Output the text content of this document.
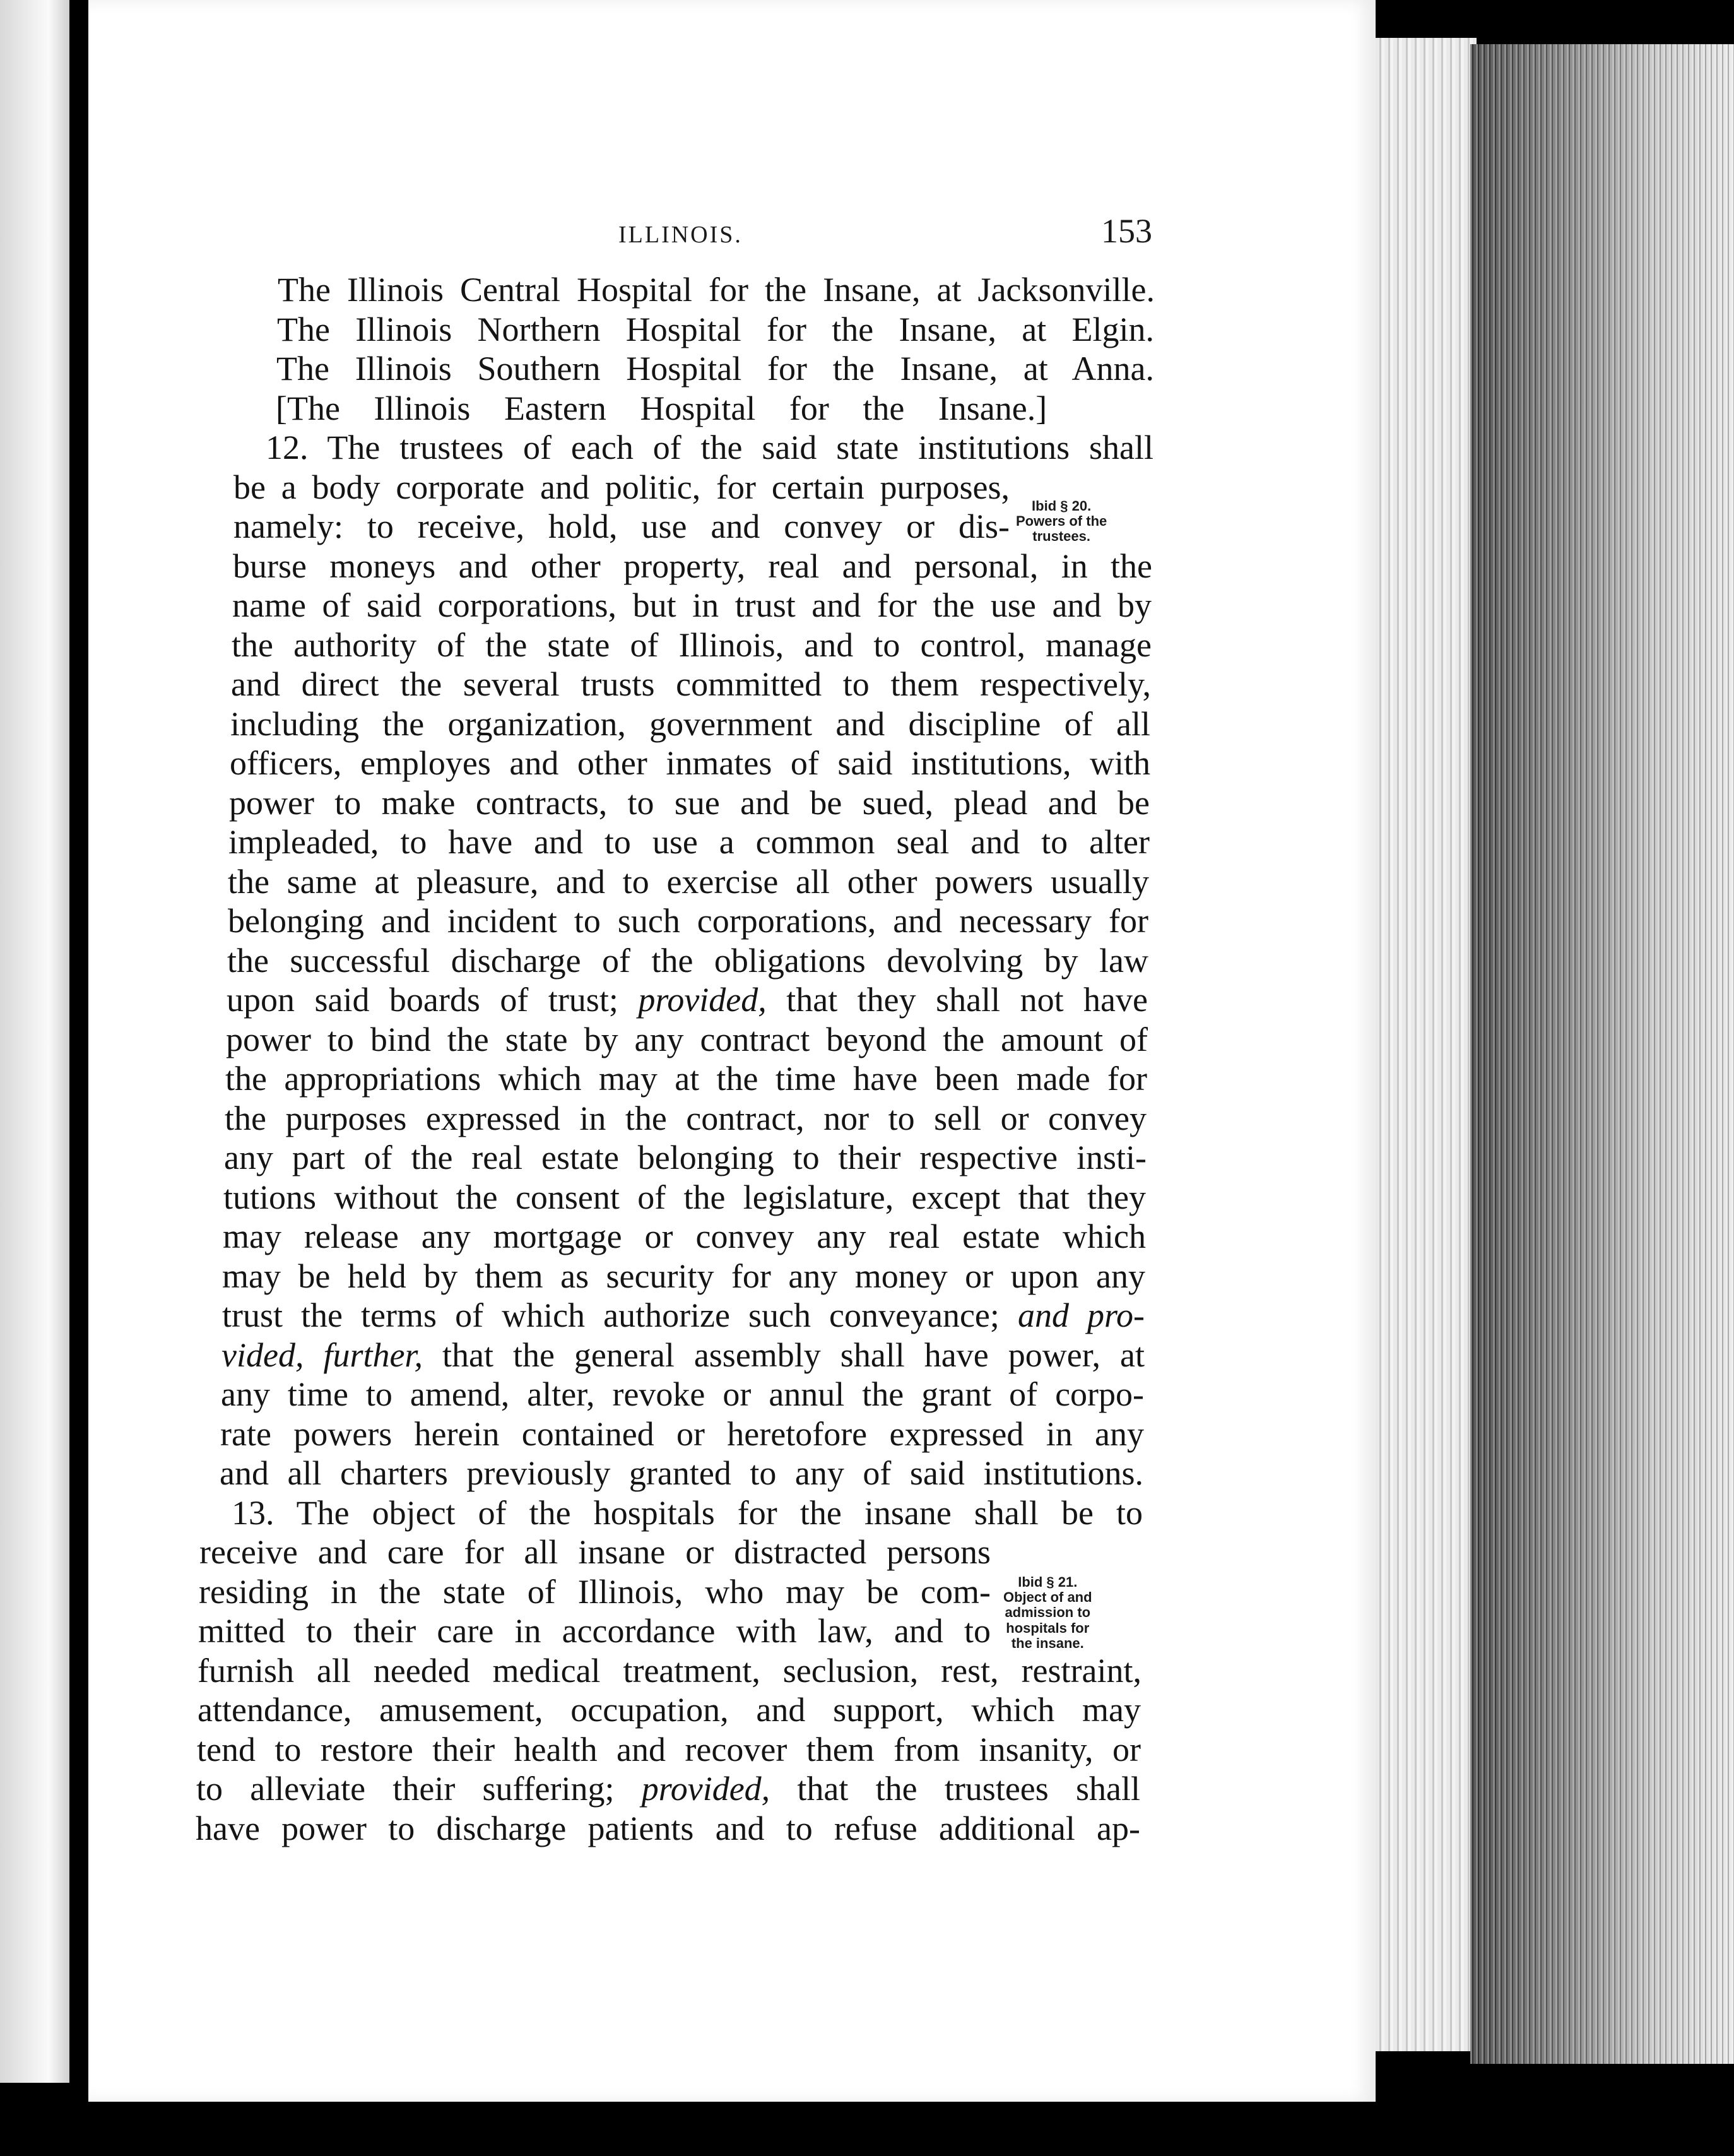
ILLINOIS.	153
The Illinois Central Hospital for the Insane, at Jacksonville.
The Illinois Northern Hospital for the Insane, at Elgin.
The Illinois Southern Hospital for the Insane, at Anna.
[The Illinois Eastern Hospital for the Insane.]
12. The trustees of each of the said state institutions shall
be a body corporate and politic, for certain purposes,
namely: to receive, hold, use and convey or dis-
burse moneys and other property, real and personal, in the
name of said corporations, but in trust and for the use and by
the authority of the state of Illinois, and to control, manage
and direct the several trusts committed to them respectively,
including the organization, government and discipline of all
officers, employes and other inmates of said institutions, with
power to make contracts, to sue and be sued, plead and be
impleaded, to have and to use a common seal and to alter
the same at pleasure, and to exercise all other powers usually
belonging and incident to such corporations, and necessary for
the successful discharge of the obligations devolving by law
upon said boards of trust; provided, that they shall not have
power to bind the state by any contract beyond the amount of
the appropriations which may at the time have been made for
the purposes expressed in the contract, nor to sell or convey
any part of the real estate belonging to their respective insti-
tutions without the consent of the legislature, except that they
may release any mortgage or convey any real estate which
may be held by them as security for any money or upon any
trust the terms of which authorize such conveyance; and pro-
vided, further, that the general assembly shall have power, at
any time to amend, alter, revoke or annul the grant of corpo-
rate powers herein contained or heretofore expressed in any
and all charters previously granted to any of said institutions.
13. The object of the hospitals for the insane shall be to
receive and care for all insane or distracted persons
residing in the state of Illinois, who may be com-
mitted to their care in accordance with law, and to
furnish all needed medical treatment, seclusion, rest, restraint,
attendance, amusement, occupation, and support, which may
tend to restore their health and recover them from insanity, or
to alleviate their suffering; provided, that the trustees shall
have power to discharge patients and to refuse additional ap-
Ibid § 20.
Powers of the
trustees.
Ibid § 21.
Object of and
admission to
hospitals for
the insane.
